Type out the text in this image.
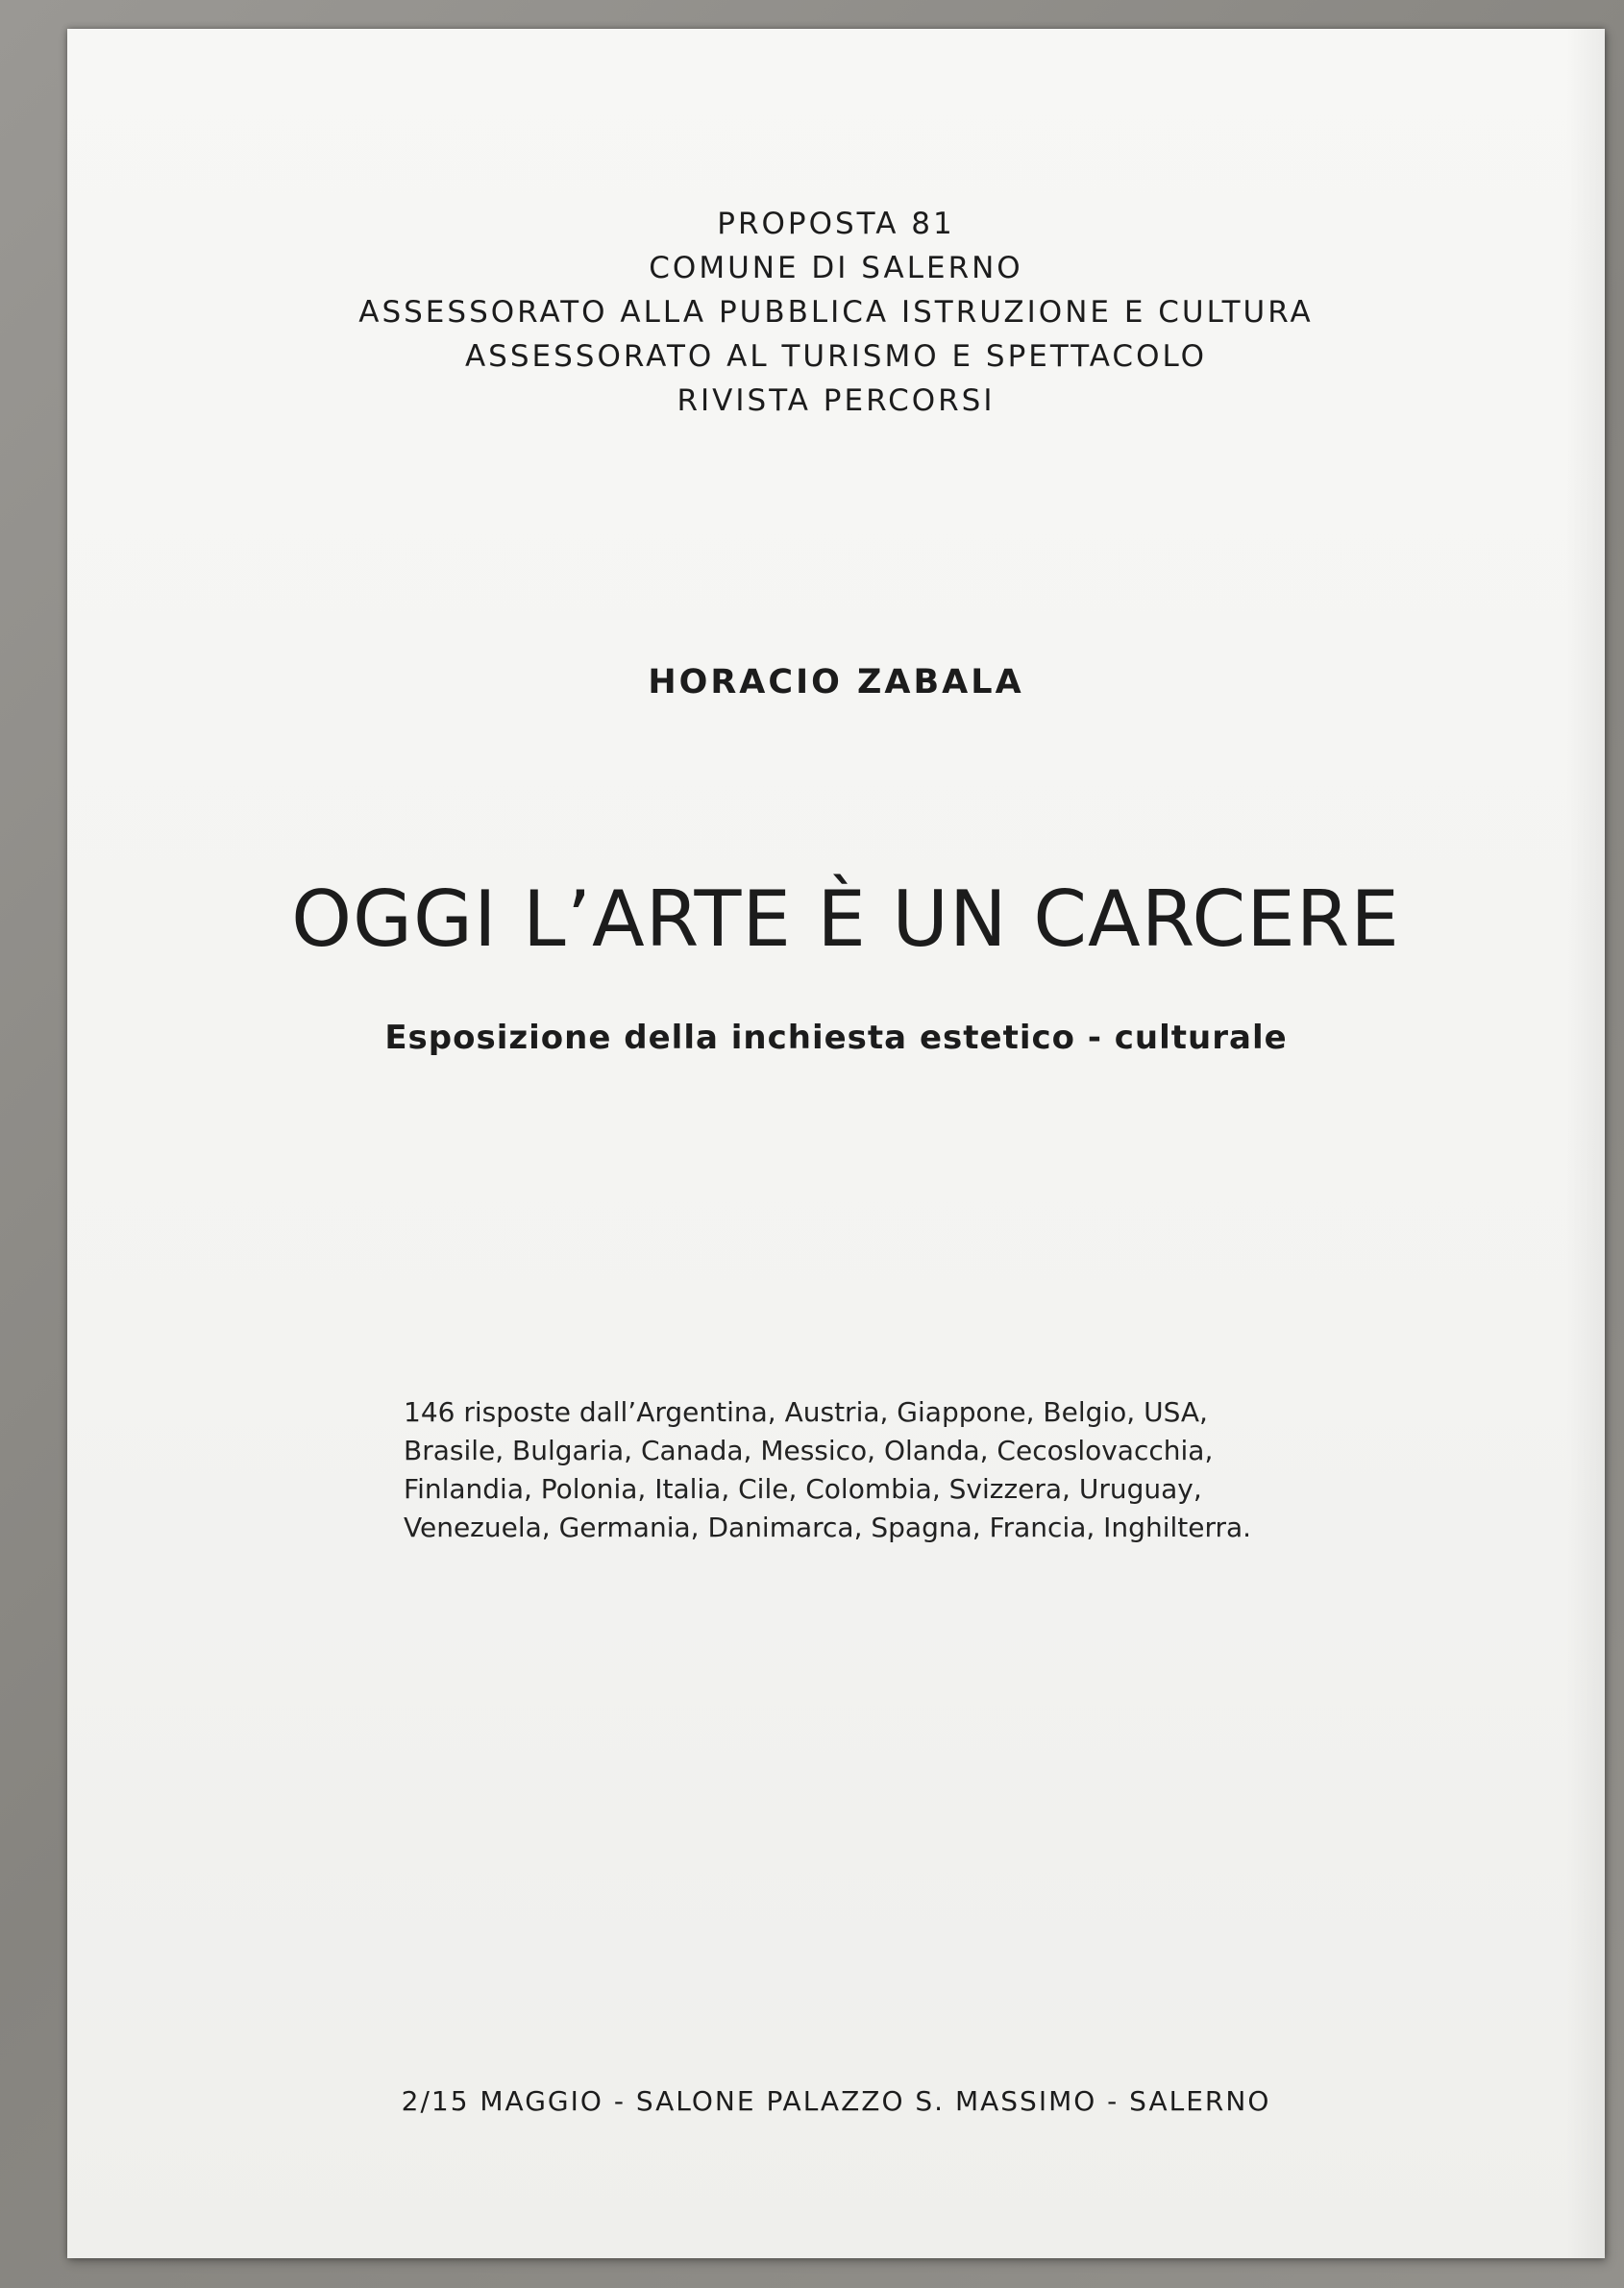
PROPOSTA 81
COMUNE DI SALERNO
ASSESSORATO ALLA PUBBLICA ISTRUZIONE E CULTURA
ASSESSORATO AL TURISMO E SPETTACOLO
RIVISTA PERCORSI
HORACIO ZABALA
OGGI L’ARTE È UN CARCERE
Esposizione della inchiesta estetico - culturale
146 risposte dall’Argentina, Austria, Giappone, Belgio, USA,
Brasile, Bulgaria, Canada, Messico, Olanda, Cecoslovacchia,
Finlandia, Polonia, Italia, Cile, Colombia, Svizzera, Uruguay,
Venezuela, Germania, Danimarca, Spagna, Francia, Inghilterra.
2/15 MAGGIO - SALONE PALAZZO S. MASSIMO - SALERNO
